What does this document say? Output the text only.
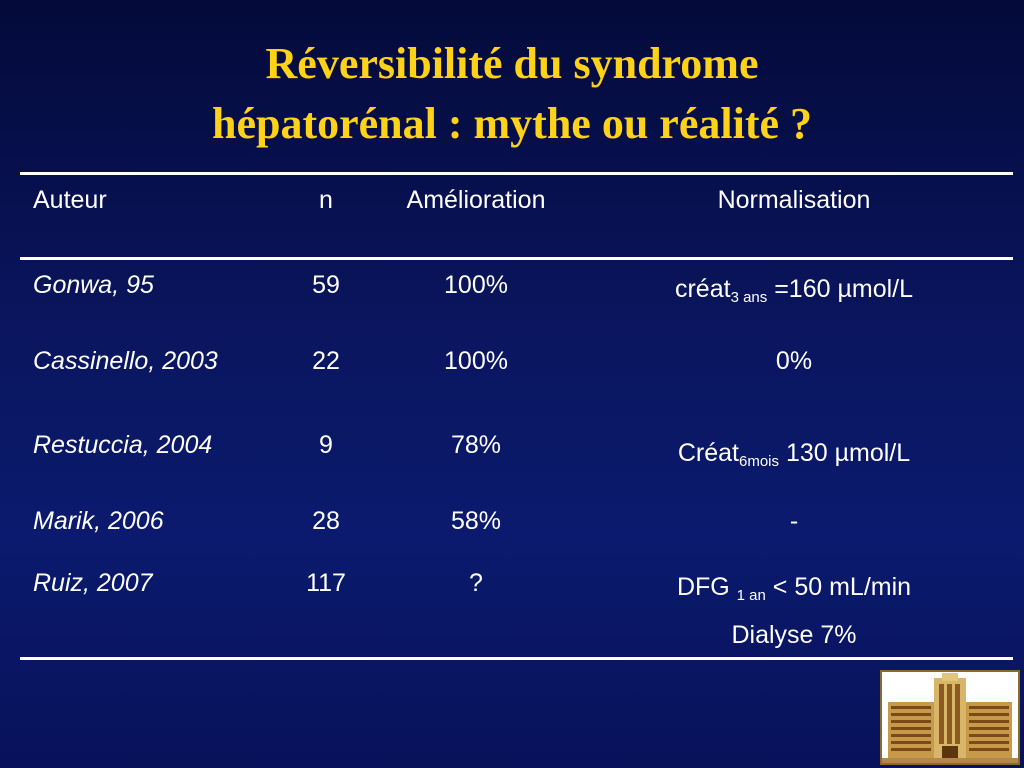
Réversibilité du syndrome
hépatorénal : mythe ou réalité ?
Auteur	n	Amélioration	Normalisation
Gonwa, 95	59	100%	créat$_{3 ans}$ =160 µmol/L
Cassinello, 2003	22	100%	0%
Restuccia, 2004	9	78%	Créat$_{6mois}$ 130 µmol/L
Marik, 2006	28	58%	-
Ruiz, 2007	117	?	DFG $_{1 an}$ < 50 mL/min
Dialyse 7%
